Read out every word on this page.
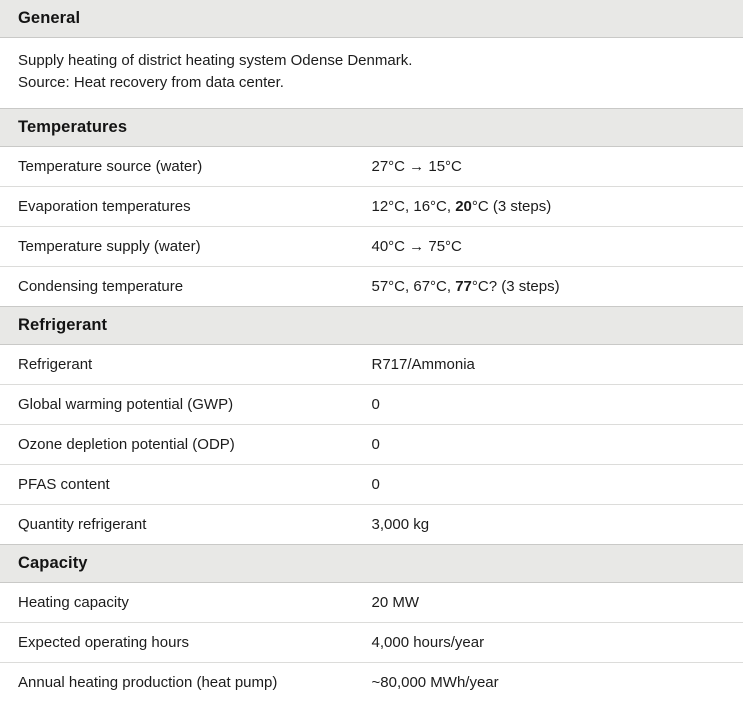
General	

Supply heating of district heating system Odense Denmark.
Source: Heat recovery from data center.	

Temperatures	
Temperature source (water)	27°C → 15°C

Evaporation temperatures	12°C, 16°C, 20°C (3 steps)

Temperature supply (water)	40°C → 75°C

Condensing temperature	57°C, 67°C, 77°C? (3 steps)

Refrigerant	
Refrigerant	R717/Ammonia

Global warming potential (GWP)	0

Ozone depletion potential (ODP)	0

PFAS content	0

Quantity refrigerant	3,000 kg

Capacity	
Heating capacity	20 MW

Expected operating hours	4,000 hours/year

Annual heating production (heat pump)	~80,000 MWh/year
